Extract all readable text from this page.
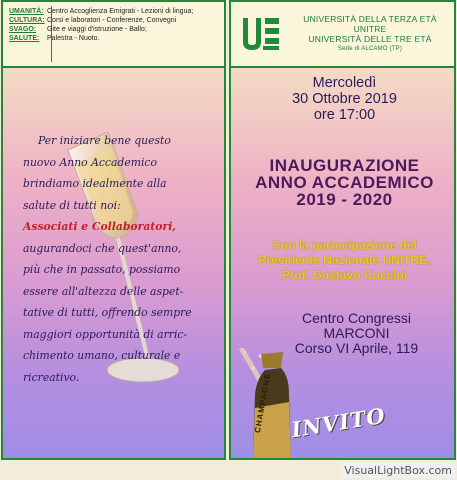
UMANITÀ: Centro Accoglienza Emigrati - Lezioni di lingua;
CULTURA: Corsi e laboratori - Conferenze, Convegni
SVAGO: Gite e viaggi d'istruzione - Ballo;
SALUTE: Palestra - Nuoto.
Per iniziare bene questo
nuovo Anno Accademico
brindiamo idealmente alla
salute di tutti noi:
Associati e Collaboratori,
augurandoci che quest'anno,
più che in passato, possiamo
essere all'altezza delle aspet-
tative di tutti, offrendo sempre
maggiori opportunità di arric-
chimento umano, culturale e
ricreativo.
UNIVERSITÀ DELLA TERZA ETÀ
UNITRE
UNIVERSITÀ DELLE TRE ETÀ
Sede di ALCAMO (TP)
Mercoledì
30 Ottobre 2019
ore 17:00
INAUGURAZIONE
ANNO ACCADEMICO
2019 - 2020
Con la partecipazione del
Presidente Nazionale UNITRE,
Prof. Gustavo Cuccini
Centro Congressi
MARCONI
Corso VI Aprile, 119
CHAMPAGNE INVITO
VisualLightBox.com
